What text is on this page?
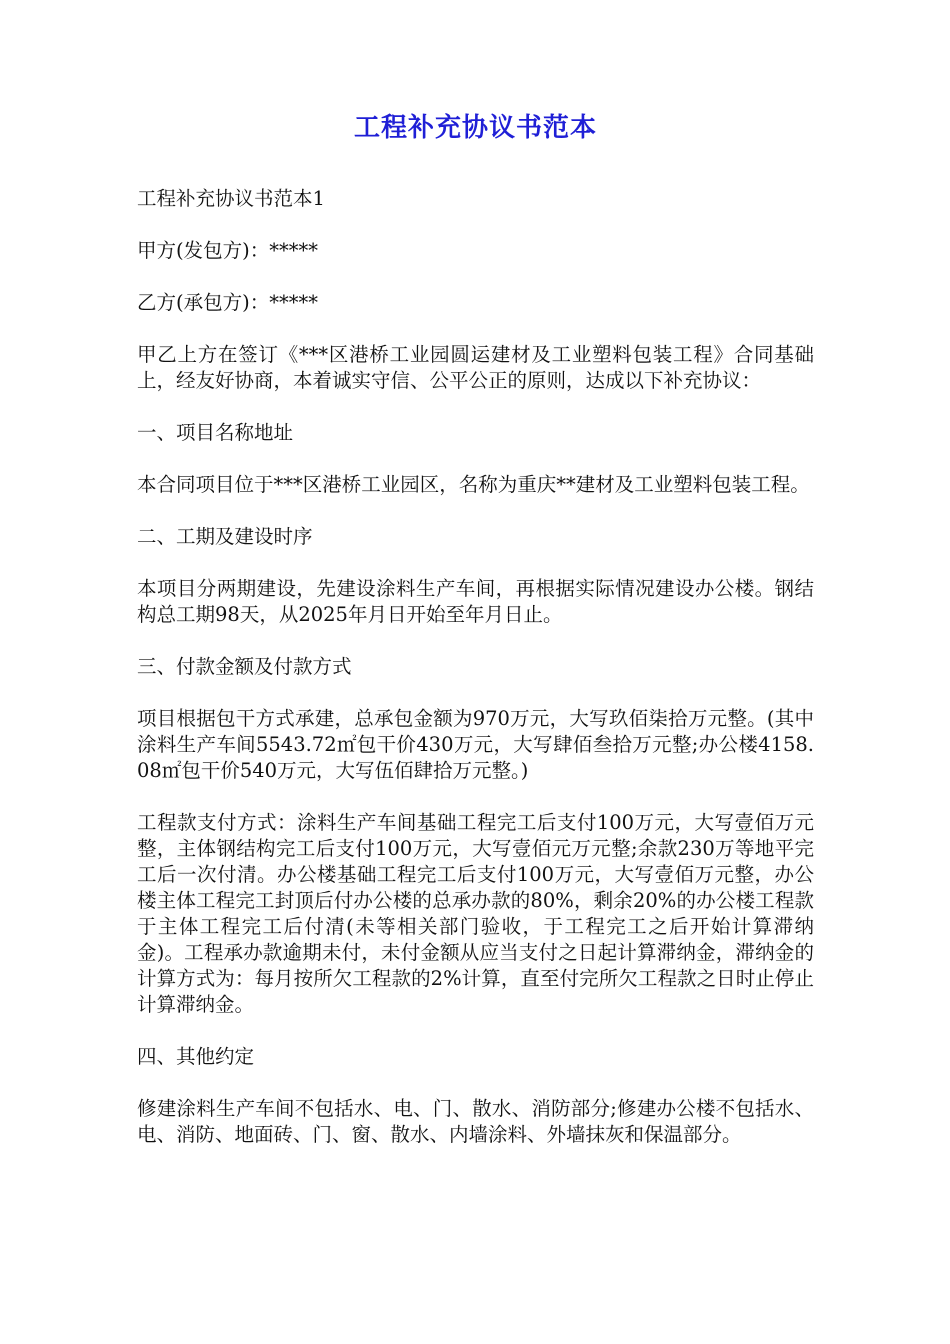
工程补充协议书范本

工程补充协议书范本1

甲方(发包方)：*****

乙方(承包方)：*****

甲乙上方在签订《***区港桥工业园圆运建材及工业塑料包装工程》合同基础上，经友好协商，本着诚实守信、公平公正的原则，达成以下补充协议：

一、项目名称地址

本合同项目位于***区港桥工业园区，名称为重庆**建材及工业塑料包装工程。

二、工期及建设时序

本项目分两期建设，先建设涂料生产车间，再根据实际情况建设办公楼。钢结构总工期98天，从2025年月日开始至年月日止。

三、付款金额及付款方式

项目根据包干方式承建，总承包金额为970万元，大写玖佰柒拾万元整。(其中涂料生产车间5543.72㎡包干价430万元，大写肆佰叁拾万元整;办公楼4158.08㎡包干价540万元，大写伍佰肆拾万元整。)

工程款支付方式：涂料生产车间基础工程完工后支付100万元，大写壹佰万元整，主体钢结构完工后支付100万元，大写壹佰元万元整;余款230万等地平完工后一次付清。办公楼基础工程完工后支付100万元，大写壹佰万元整，办公楼主体工程完工封顶后付办公楼的总承办款的80%，剩余20%的办公楼工程款于主体工程完工后付清(未等相关部门验收，于工程完工之后开始计算滞纳金)。工程承办款逾期未付，未付金额从应当支付之日起计算滞纳金，滞纳金的计算方式为：每月按所欠工程款的2%计算，直至付完所欠工程款之日时止停止计算滞纳金。

四、其他约定

修建涂料生产车间不包括水、电、门、散水、消防部分;修建办公楼不包括水、电、消防、地面砖、门、窗、散水、内墙涂料、外墙抹灰和保温部分。
